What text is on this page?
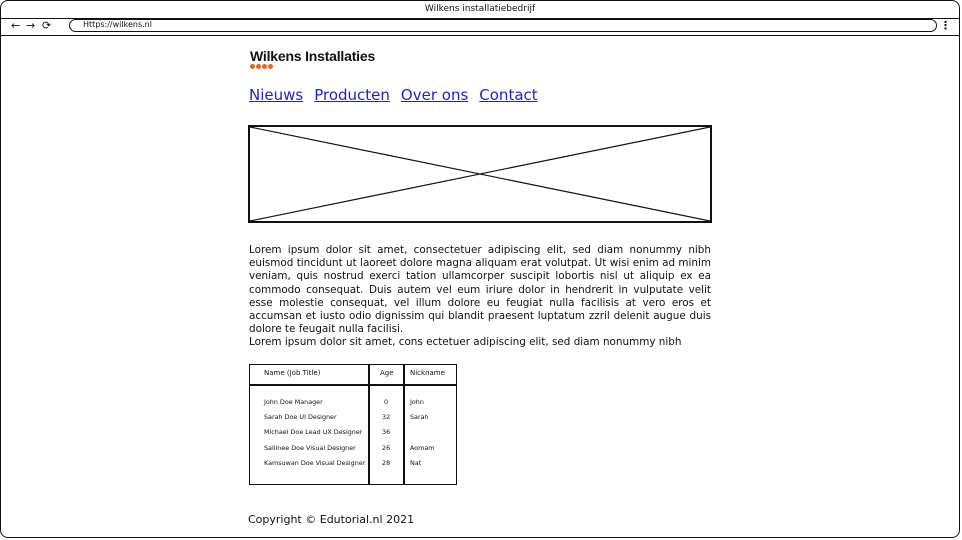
Wilkens installatiebedrijf
← → ⟳	Https://wilkens.nl	⋮
Wilkens Installaties
Nieuws Producten Over ons Contact

Lorem ipsum dolor sit amet, consectetuer adipiscing elit, sed diam nonummy nibh euismod tincidunt ut laoreet dolore magna aliquam erat volutpat. Ut wisi enim ad minim veniam, quis nostrud exerci tation ullamcorper suscipit lobortis nisl ut aliquip ex ea commodo consequat. Duis autem vel eum iriure dolor in hendrerit in vulputate velit esse molestie consequat, vel illum dolore eu feugiat nulla facilisis at vero eros et accumsan et iusto odio dignissim qui blandit praesent luptatum zzril delenit augue duis dolore te feugait nulla facilisi.

Lorem ipsum dolor sit amet, cons ectetuer adipiscing elit, sed diam nonummy nibh

Name (Job Title)	Age Nickname
John Doe Manager	0	John
Sarah Doe UI Designer	32	Sarah
Michael Doe Lead UX Designer	36
Sallinee Doe Visual Designer	26	Aomam
Kamsuwan Doe Visual Designer	28	Nat
Copyright © Edutorial.nl 2021
